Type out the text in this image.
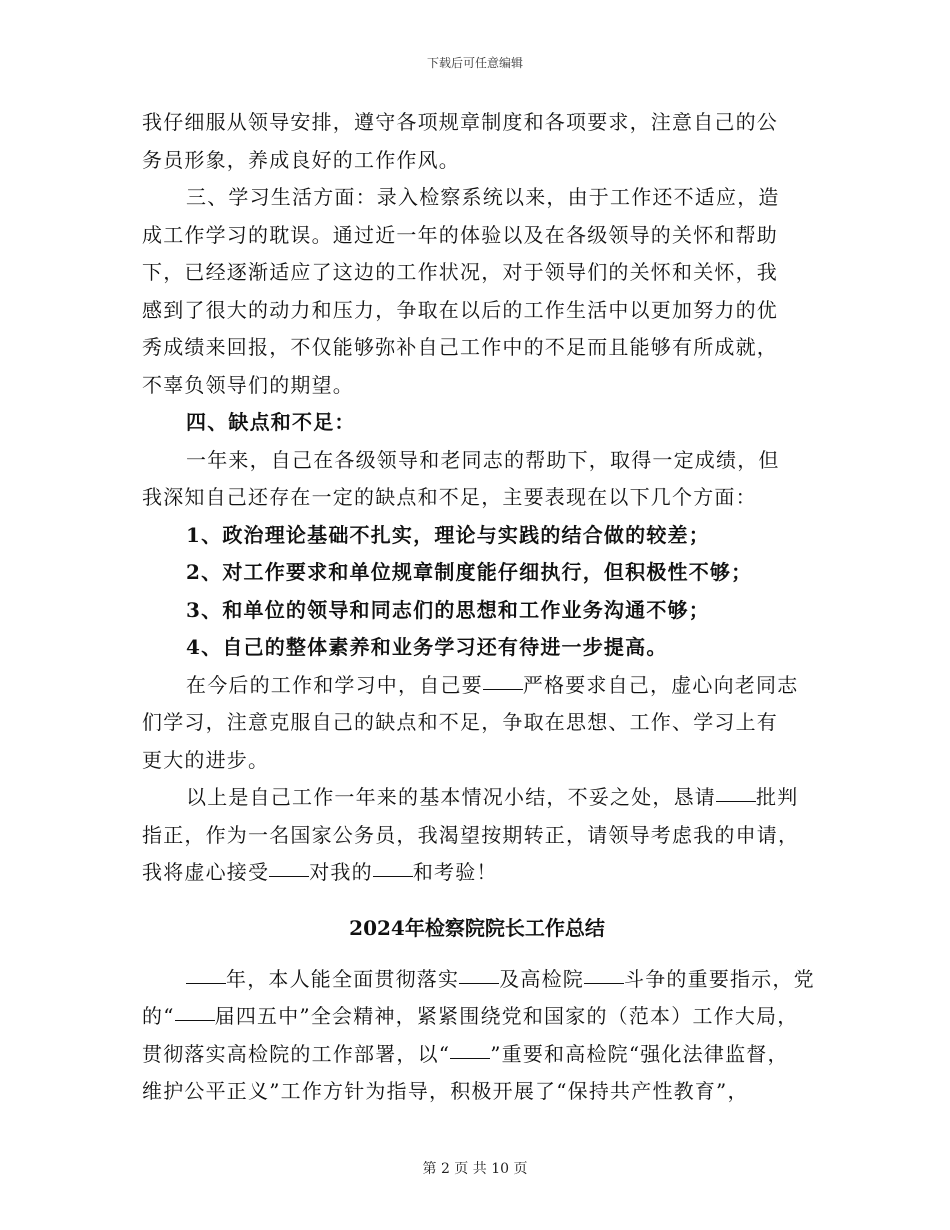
下载后可任意编辑
我仔细服从领导安排，遵守各项规章制度和各项要求，注意自己的公
务员形象，养成良好的工作作风。
三、学习生活方面：录入检察系统以来，由于工作还不适应，造
成工作学习的耽误。通过近一年的体验以及在各级领导的关怀和帮助
下，已经逐渐适应了这边的工作状况，对于领导们的关怀和关怀，我
感到了很大的动力和压力，争取在以后的工作生活中以更加努力的优
秀成绩来回报，不仅能够弥补自己工作中的不足而且能够有所成就，
不辜负领导们的期望。
四、缺点和不足：
一年来，自己在各级领导和老同志的帮助下，取得一定成绩，但
我深知自己还存在一定的缺点和不足，主要表现在以下几个方面：
1、政治理论基础不扎实，理论与实践的结合做的较差；
2、对工作要求和单位规章制度能仔细执行，但积极性不够；
3、和单位的领导和同志们的思想和工作业务沟通不够；
4、自己的整体素养和业务学习还有待进一步提高。
在今后的工作和学习中，自己要 严格要求自己，虚心向老同志
们学习，注意克服自己的缺点和不足，争取在思想、工作、学习上有
更大的进步。
以上是自己工作一年来的基本情况小结，不妥之处，恳请 批判
指正，作为一名国家公务员，我渴望按期转正，请领导考虑我的申请，
我将虚心接受 对我的 和考验！
2024年检察院院长工作总结
年，本人能全面贯彻落实 及高检院 斗争的重要指示，党
的“ 届四五中”全会精神，紧紧围绕党和国家的（范本）工作大局，
贯彻落实高检院的工作部署，以“ ”重要和高检院“强化法律监督，
维护公平正义”工作方针为指导，积极开展了“保持共产性教育”，
第 2 页 共 10 页
